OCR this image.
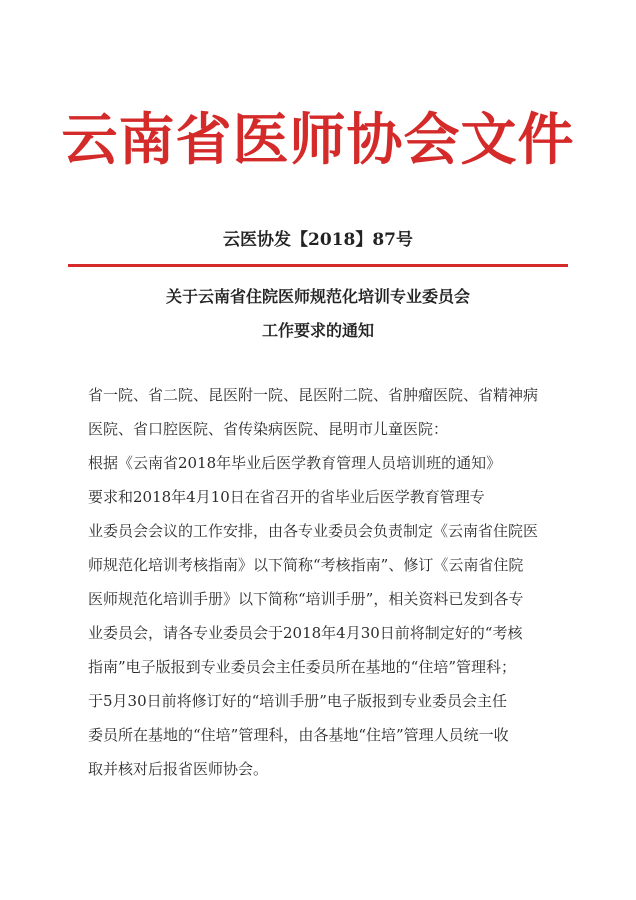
云南省医师协会文件
云医协发【2018】87号
关于云南省住院医师规范化培训专业委员会
工作要求的通知
省一院、省二院、昆医附一院、昆医附二院、省肿瘤医院、省精神病
医院、省口腔医院、省传染病医院、昆明市儿童医院：
根据《云南省2018年毕业后医学教育管理人员培训班的通知》
要求和2018年4月10日在省召开的省毕业后医学教育管理专
业委员会会议的工作安排，由各专业委员会负责制定《云南省住院医
师规范化培训考核指南》以下简称“考核指南”、修订《云南省住院
医师规范化培训手册》以下简称“培训手册”，相关资料已发到各专
业委员会，请各专业委员会于2018年4月30日前将制定好的“考核
指南”电子版报到专业委员会主任委员所在基地的“住培”管理科；
于5月30日前将修订好的“培训手册”电子版报到专业委员会主任
委员所在基地的“住培”管理科，由各基地“住培”管理人员统一收
取并核对后报省医师协会。
